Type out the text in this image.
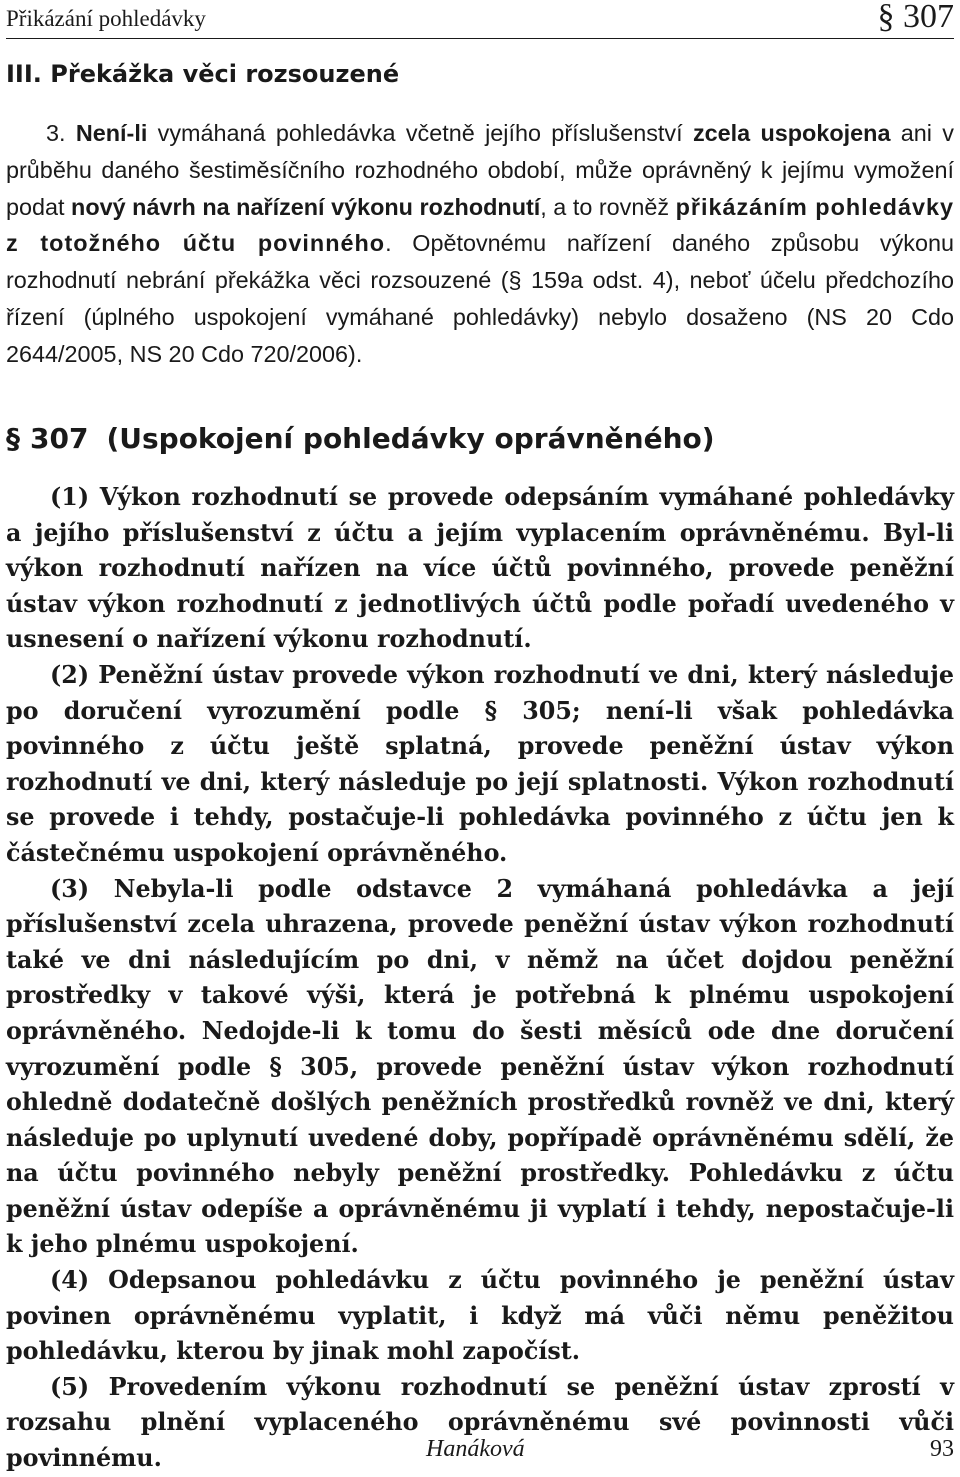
Přikázání pohledávky	§ 307
III. Překážka věci rozsouzené
3. Není-li vymáhaná pohledávka včetně jejího příslušenství zcela uspokojena ani v průběhu daného šestiměsíčního rozhodného období, může oprávněný k jejímu vymožení podat nový návrh na nařízení výkonu rozhodnutí, a to rovněž přikázáním pohledávky z totožného účtu povinného. Opětovnému nařízení daného způsobu výkonu rozhodnutí nebrání překážka věci rozsouzené (§ 159a odst. 4), neboť účelu předchozího řízení (úplného uspokojení vymáhané pohledávky) nebylo dosaženo (NS 20 Cdo 2644/2005, NS 20 Cdo 720/2006).
§ 307 (Uspokojení pohledávky oprávněného)

(1) Výkon rozhodnutí se provede odepsáním vymáhané pohledávky a jejího příslušenství z účtu a jejím vyplacením oprávněnému. Byl-li výkon rozhodnutí nařízen na více účtů povinného, provede peněžní ústav výkon rozhodnutí z jednotlivých účtů podle pořadí uvedeného v usnesení o nařízení výkonu rozhodnutí.

(2) Peněžní ústav provede výkon rozhodnutí ve dni, který následuje po doručení vyrozumění podle § 305; není-li však pohledávka povinného z účtu ještě splatná, provede peněžní ústav výkon rozhodnutí ve dni, který následuje po její splatnosti. Výkon rozhodnutí se provede i tehdy, postačuje-li pohledávka povinného z účtu jen k částečnému uspokojení oprávněného.

(3) Nebyla-li podle odstavce 2 vymáhaná pohledávka a její příslušenství zcela uhrazena, provede peněžní ústav výkon rozhodnutí také ve dni následujícím po dni, v němž na účet dojdou peněžní prostředky v takové výši, která je potřebná k plnému uspokojení oprávněného. Nedojde-li k tomu do šesti měsíců ode dne doručení vyrozumění podle § 305, provede peněžní ústav výkon rozhodnutí ohledně dodatečně došlých peněžních prostředků rovněž ve dni, který následuje po uplynutí uvedené doby, popřípadě oprávněnému sdělí, že na účtu povinného nebyly peněžní prostředky. Pohledávku z účtu peněžní ústav odepíše a oprávněnému ji vyplatí i tehdy, nepostačuje-li k jeho plnému uspokojení.

(4) Odepsanou pohledávku z účtu povinného je peněžní ústav povinen oprávněnému vyplatit, i když má vůči němu peněžitou pohledávku, kterou by jinak mohl započíst.

(5) Provedením výkonu rozhodnutí se peněžní ústav zprostí v rozsahu plnění vyplaceného oprávněnému své povinnosti vůči povinnému.	Hanáková	93
